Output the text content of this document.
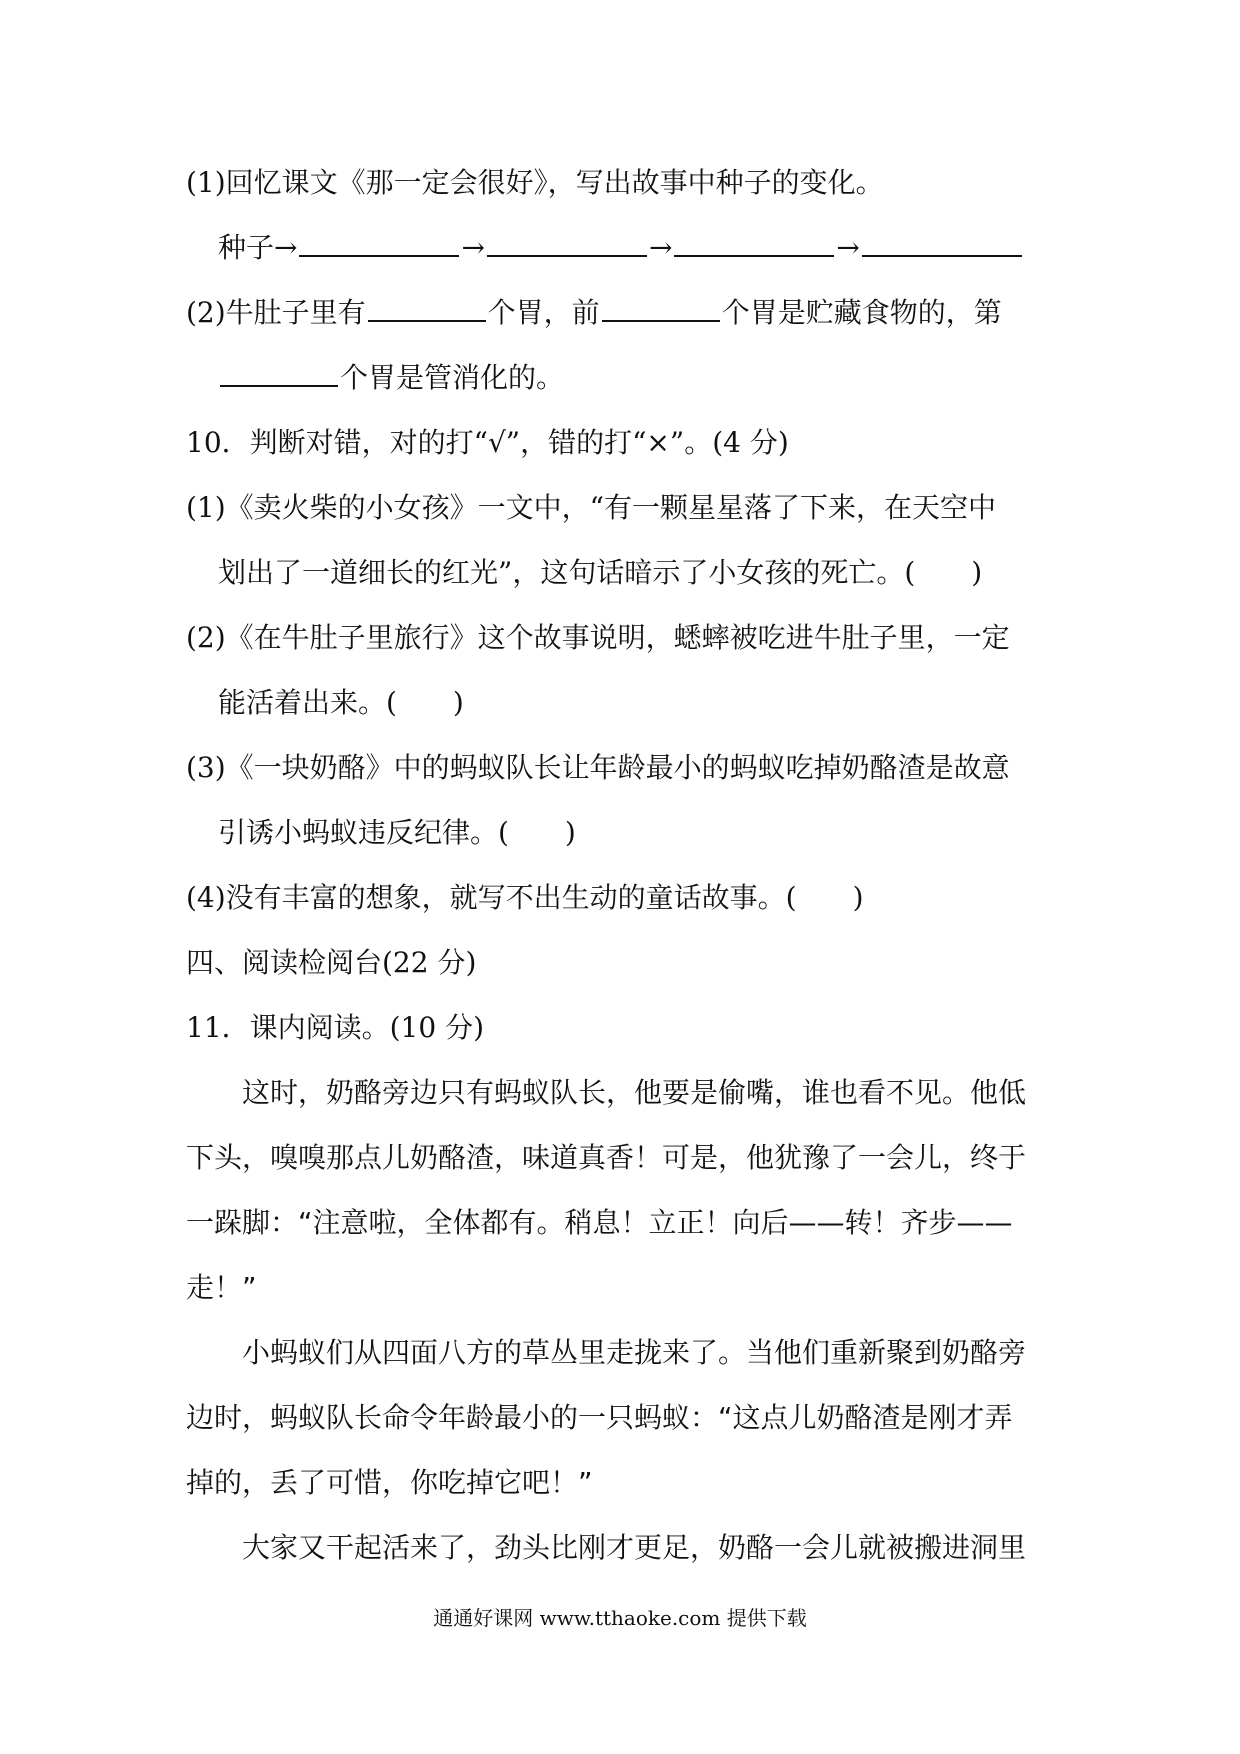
(1)回忆课文《那一定会很好》，写出故事中种子的变化。
种子→	→	→	→
(2)牛肚子里有	个胃，前	个胃是贮藏食物的，第
个胃是管消化的。
10．判断对错，对的打“√”，错的打“×”。(4 分)
(1)《卖火柴的小女孩》一文中，“有一颗星星落了下来，在天空中
划出了一道细长的红光”，这句话暗示了小女孩的死亡。(　　)
(2)《在牛肚子里旅行》这个故事说明，蟋蟀被吃进牛肚子里，一定
能活着出来。(　　)
(3)《一块奶酪》中的蚂蚁队长让年龄最小的蚂蚁吃掉奶酪渣是故意
引诱小蚂蚁违反纪律。(　　)
(4)没有丰富的想象，就写不出生动的童话故事。(　　)
四、阅读检阅台(22 分)
11．课内阅读。(10 分)
这时，奶酪旁边只有蚂蚁队长，他要是偷嘴，谁也看不见。他低
下头，嗅嗅那点儿奶酪渣，味道真香！可是，他犹豫了一会儿，终于
一跺脚：“注意啦，全体都有。稍息！立正！向后——转！齐步——
走！”
小蚂蚁们从四面八方的草丛里走拢来了。当他们重新聚到奶酪旁
边时，蚂蚁队长命令年龄最小的一只蚂蚁：“这点儿奶酪渣是刚才弄
掉的，丢了可惜，你吃掉它吧！”
大家又干起活来了，劲头比刚才更足，奶酪一会儿就被搬进洞里
通通好课网 www.tthaoke.com 提供下载
